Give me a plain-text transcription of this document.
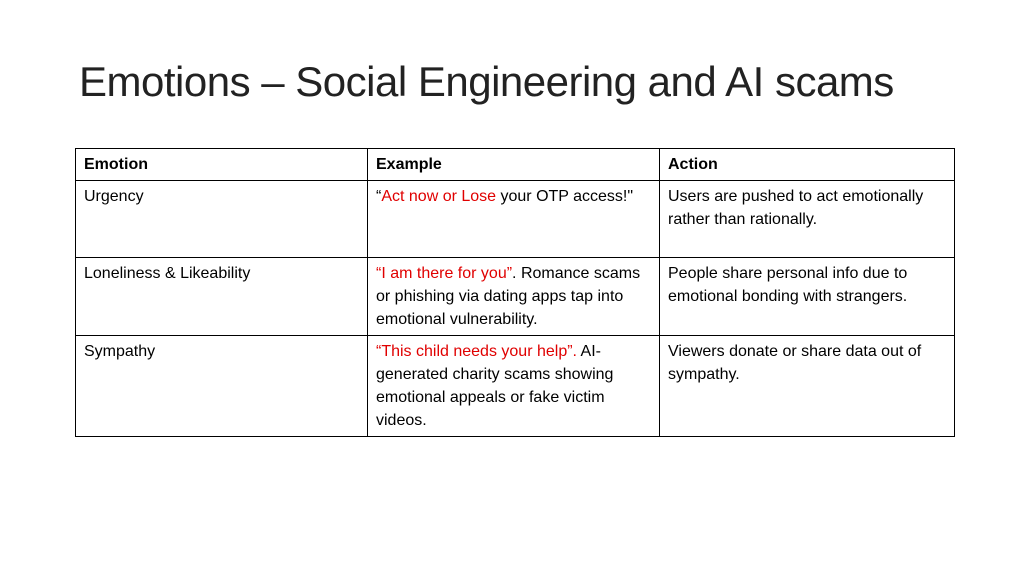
Emotions – Social Engineering and AI scams
Emotion	Example	Action
Urgency	“Act now or Lose your OTP access!"	Users are pushed to act emotionally rather than rationally.
Loneliness & Likeability	“I am there for you”. Romance scams or phishing via dating apps tap into emotional vulnerability.	People share personal info due to emotional bonding with strangers.
Sympathy	“This child needs your help”. AI-generated charity scams showing emotional appeals or fake victim videos.	Viewers donate or share data out of sympathy.
